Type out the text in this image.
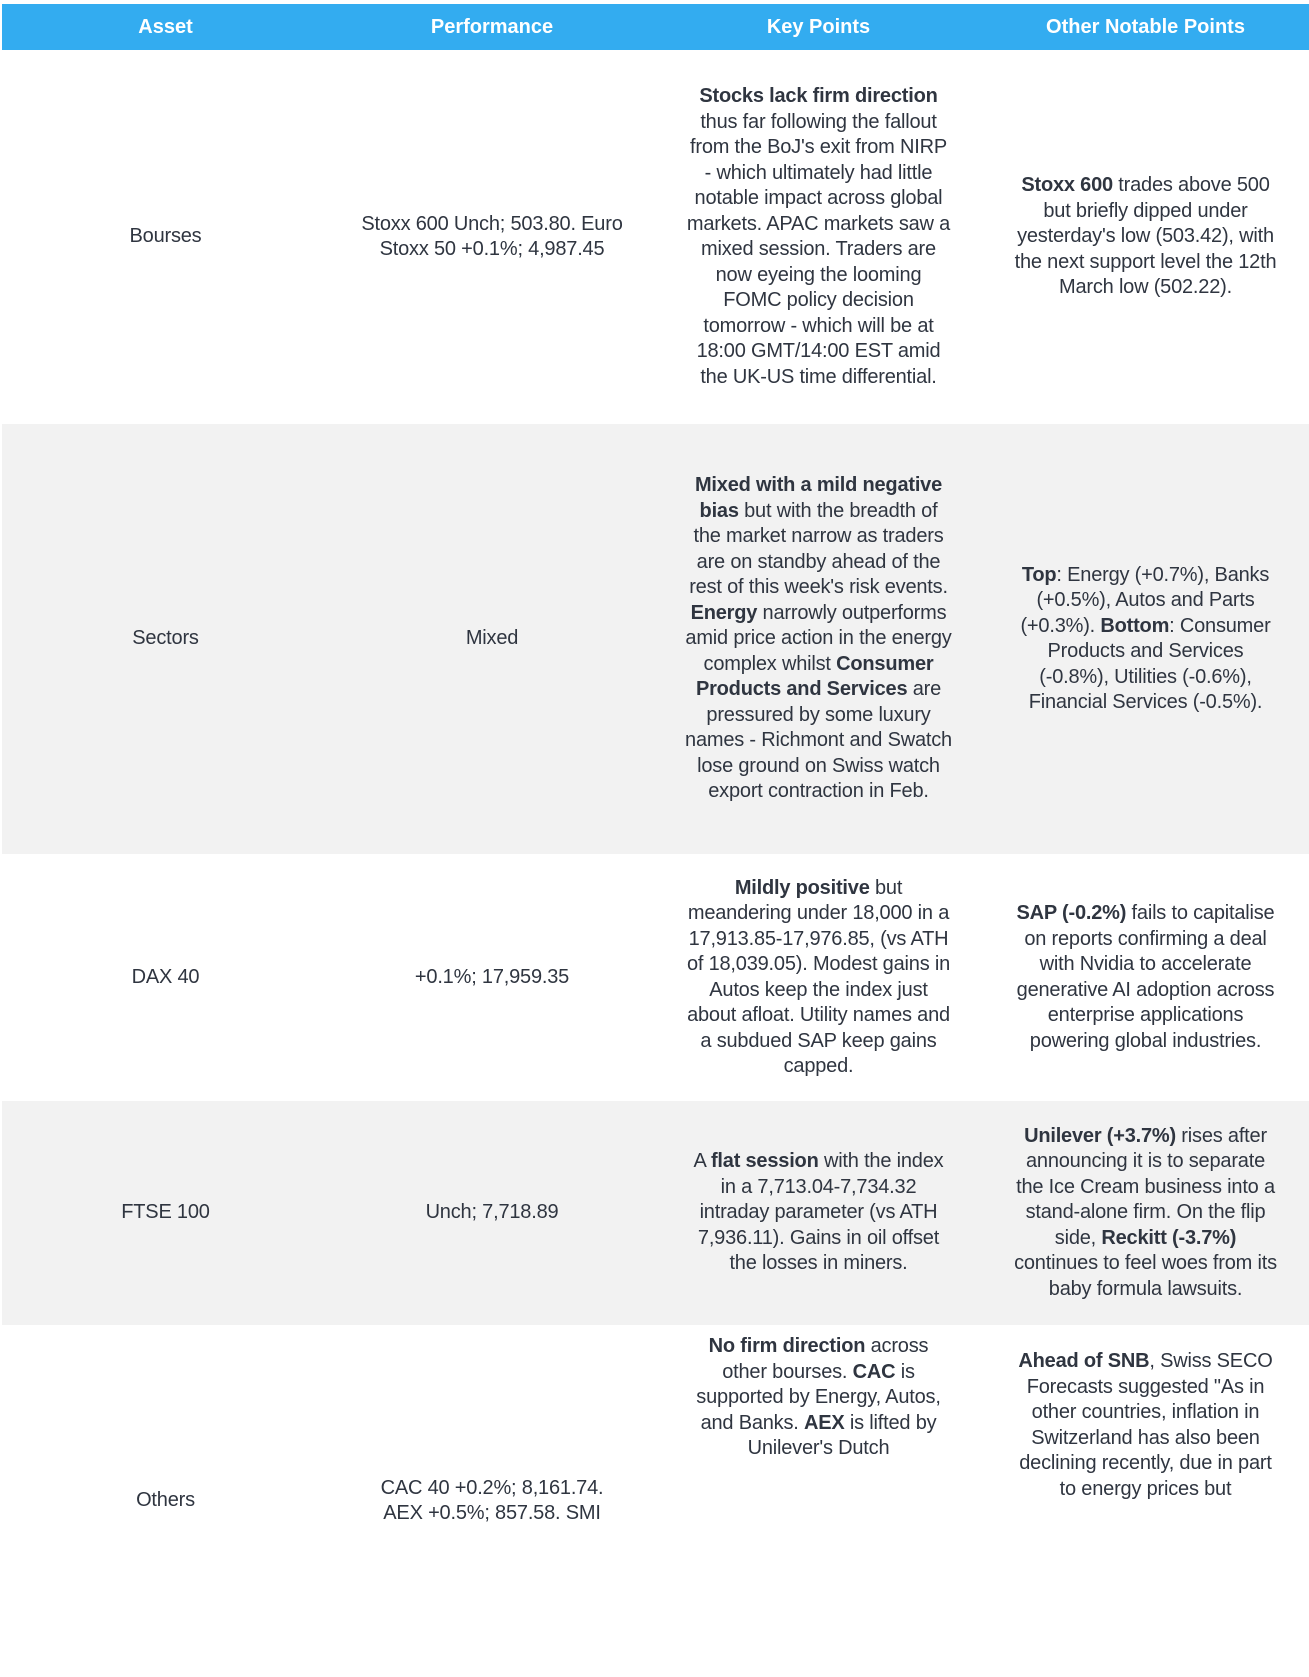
Asset	Performance	Key Points	Other Notable Points
Bourses	Stoxx 600 Unch; 503.80. Euro Stoxx 50 +0.1%; 4,987.45	Stocks lack firm direction thus far following the fallout from the BoJ's exit from NIRP - which ultimately had little notable impact across global markets. APAC markets saw a mixed session. Traders are now eyeing the looming FOMC policy decision tomorrow - which will be at 18:00 GMT/14:00 EST amid the UK-US time differential.	Stoxx 600 trades above 500 but briefly dipped under yesterday's low (503.42), with the next support level the 12th March low (502.22).
Sectors	Mixed	Mixed with a mild negative bias but with the breadth of the market narrow as traders are on standby ahead of the rest of this week's risk events. Energy narrowly outperforms amid price action in the energy complex whilst Consumer Products and Services are pressured by some luxury names - Richmont and Swatch lose ground on Swiss watch export contraction in Feb.	Top: Energy (+0.7%), Banks (+0.5%), Autos and Parts (+0.3%). Bottom: Consumer Products and Services (-0.8%), Utilities (-0.6%), Financial Services (-0.5%).
DAX 40	+0.1%; 17,959.35	Mildly positive but meandering under 18,000 in a 17,913.85-17,976.85, (vs ATH of 18,039.05). Modest gains in Autos keep the index just about afloat. Utility names and a subdued SAP keep gains capped.	SAP (-0.2%) fails to capitalise on reports confirming a deal with Nvidia to accelerate generative AI adoption across enterprise applications powering global industries.
FTSE 100	Unch; 7,718.89	A flat session with the index in a 7,713.04-7,734.32 intraday parameter (vs ATH 7,936.11). Gains in oil offset the losses in miners.	Unilever (+3.7%) rises after announcing it is to separate the Ice Cream business into a stand-alone firm. On the flip side, Reckitt (-3.7%) continues to feel woes from its baby formula lawsuits.
Others	CAC 40 +0.2%; 8,161.74. AEX +0.5%; 857.58. SMI	No firm direction across other bourses. CAC is supported by Energy, Autos, and Banks. AEX is lifted by Unilever's Dutch	Ahead of SNB, Swiss SECO Forecasts suggested "As in other countries, inflation in Switzerland has also been declining recently, due in part to energy prices but
